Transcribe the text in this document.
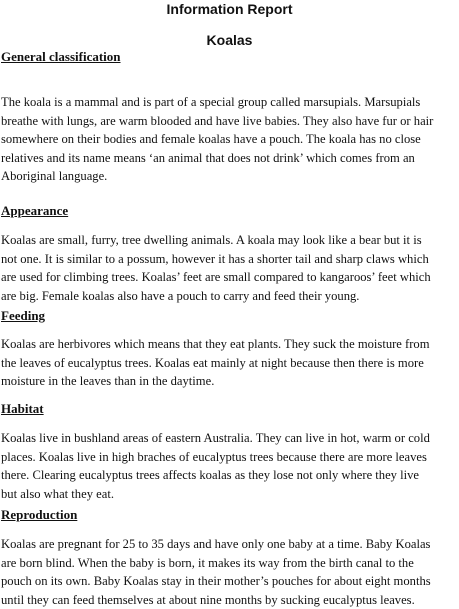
Information Report
Koalas
General classification

The koala is a mammal and is part of a special group called marsupials. Marsupials
breathe with lungs, are warm blooded and have live babies. They also have fur or hair
somewhere on their bodies and female koalas have a pouch. The koala has no close
relatives and its name means ‘an animal that does not drink’ which comes from an
Aboriginal language.

Appearance

Koalas are small, furry, tree dwelling animals. A koala may look like a bear but it is
not one. It is similar to a possum, however it has a shorter tail and sharp claws which
are used for climbing trees. Koalas’ feet are small compared to kangaroos’ feet which
are big. Female koalas also have a pouch to carry and feed their young.

Feeding

Koalas are herbivores which means that they eat plants. They suck the moisture from
the leaves of eucalyptus trees. Koalas eat mainly at night because then there is more
moisture in the leaves than in the daytime.

Habitat

Koalas live in bushland areas of eastern Australia. They can live in hot, warm or cold
places. Koalas live in high braches of eucalyptus trees because there are more leaves
there. Clearing eucalyptus trees affects koalas as they lose not only where they live
but also what they eat.

Reproduction

Koalas are pregnant for 25 to 35 days and have only one baby at a time. Baby Koalas
are born blind. When the baby is born, it makes its way from the birth canal to the
pouch on its own. Baby Koalas stay in their mother’s pouches for about eight months
until they can feed themselves at about nine months by sucking eucalyptus leaves.
